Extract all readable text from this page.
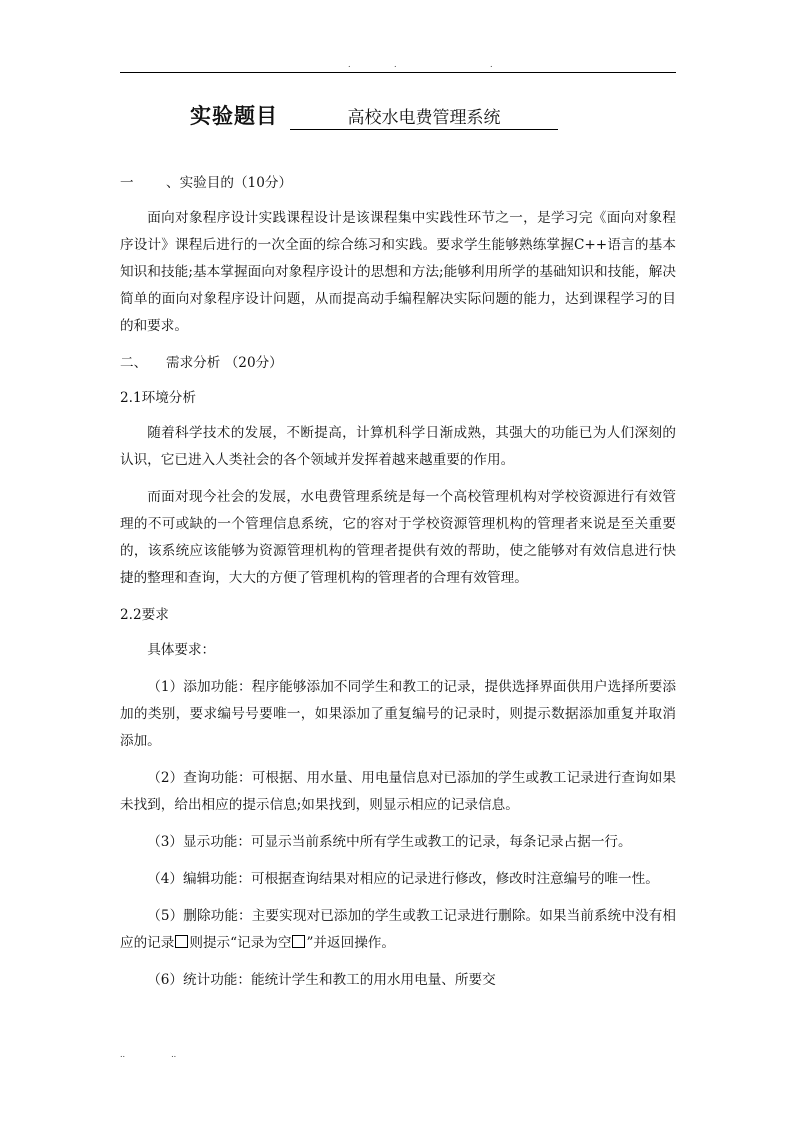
.	.	.
实验题目	高校水电费管理系统
一 、实验目的（10分）

面向对象程序设计实践课程设计是该课程集中实践性环节之一，是学习完《面向对象程序设计》课程后进行的一次全面的综合练习和实践。要求学生能够熟练掌握C++语言的基本知识和技能;基本掌握面向对象程序设计的思想和方法;能够利用所学的基础知识和技能，解决简单的面向对象程序设计问题，从而提高动手编程解决实际问题的能力，达到课程学习的目的和要求。

二、 需求分析 （20分）
2.1环境分析

随着科学技术的发展，不断提高，计算机科学日渐成熟，其强大的功能已为人们深刻的认识，它已进入人类社会的各个领域并发挥着越来越重要的作用。

而面对现今社会的发展，水电费管理系统是每一个高校管理机构对学校资源进行有效管理的不可或缺的一个管理信息系统，它的容对于学校资源管理机构的管理者来说是至关重要的，该系统应该能够为资源管理机构的管理者提供有效的帮助，使之能够对有效信息进行快捷的整理和查询，大大的方便了管理机构的管理者的合理有效管理。

2.2要求

具体要求：

（1）添加功能：程序能够添加不同学生和教工的记录，提供选择界面供用户选择所要添加的类别，要求编号号要唯一，如果添加了重复编号的记录时，则提示数据添加重复并取消添加。

（2）查询功能：可根据、用水量、用电量信息对已添加的学生或教工记录进行查询如果未找到，给出相应的提示信息;如果找到，则显示相应的记录信息。

（3）显示功能：可显示当前系统中所有学生或教工的记录，每条记录占据一行。

（4）编辑功能：可根据查询结果对相应的记录进行修改，修改时注意编号的唯一性。

（5）删除功能：主要实现对已添加的学生或教工记录进行删除。如果当前系统中没有相应的记录 则提示“记录为空 ”并返回操作。

（6）统计功能：能统计学生和教工的用水用电量、所要交

..	..
